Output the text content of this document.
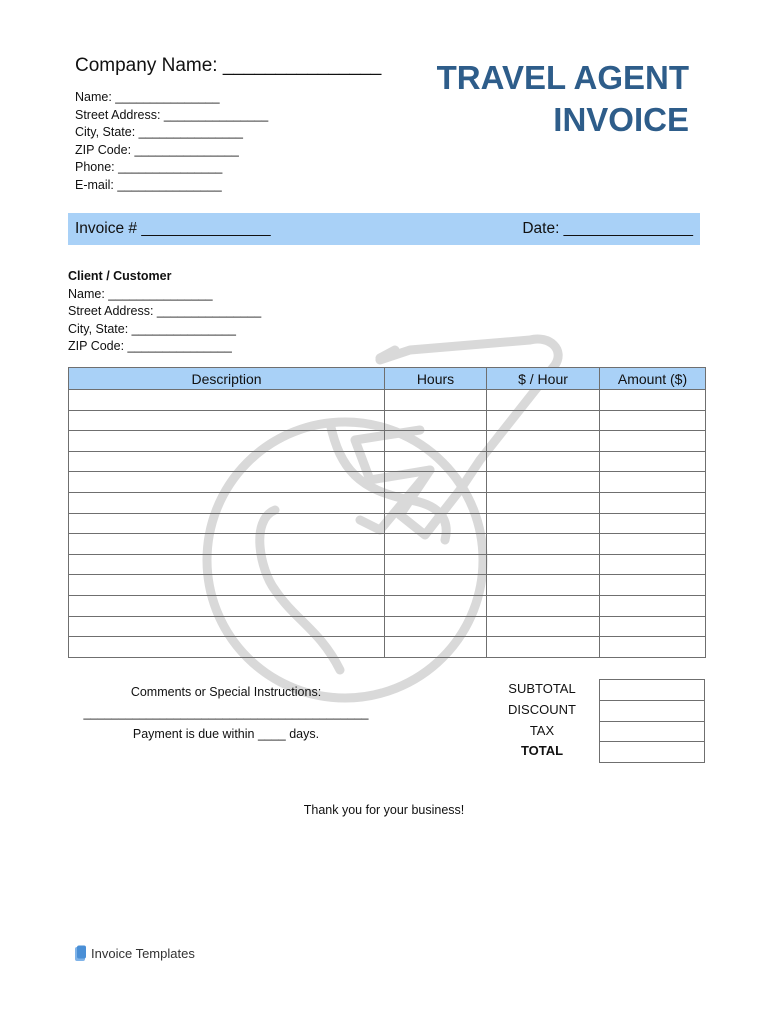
Company Name: _______________
Name: _______________
Street Address: _______________
City, State: _______________
ZIP Code: _______________
Phone: _______________
E-mail: _______________
TRAVEL AGENT
INVOICE
Invoice # _______________	Date: _______________
Client / Customer
Name: _______________
Street Address: _______________
City, State: _______________
ZIP Code: _______________
Description	Hours	$ / Hour	Amount ($)

Comments or Special Instructions:
_________________________________________
Payment is due within ____ days.
SUBTOTAL
DISCOUNT
TAX
TOTAL

Thank you for your business!
Invoice Templates
